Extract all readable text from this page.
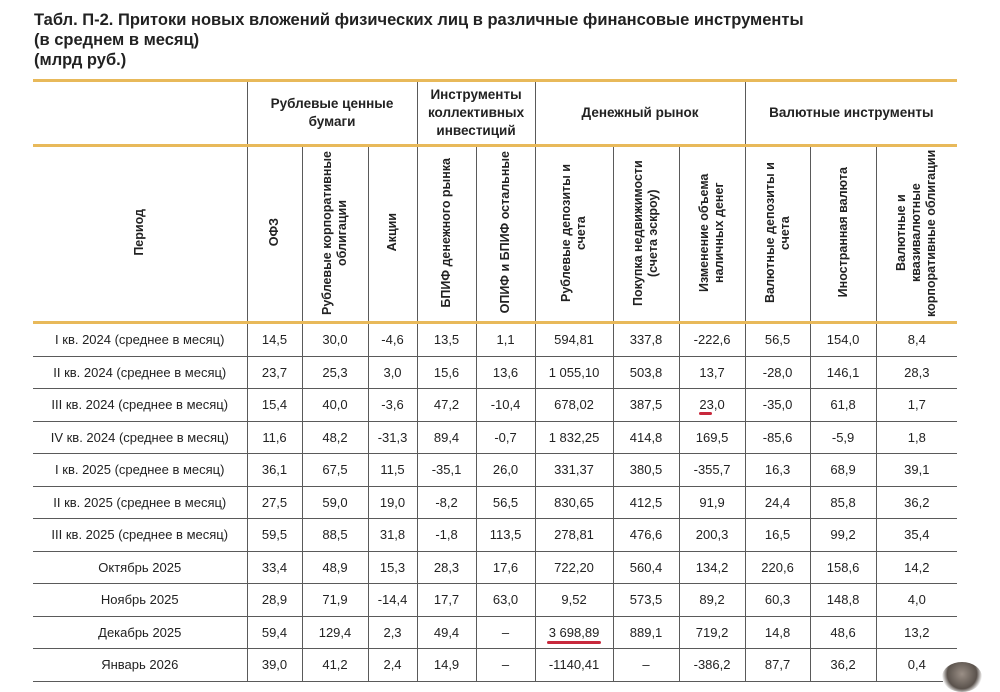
Табл. П-2. Притоки новых вложений физических лиц в различные финансовые инструменты
(в среднем в месяц)
(млрд руб.)
	Рублевые ценные бумаги			Инструменты коллективных инвестиций		Денежный рынок			Валютные инструменты		
Период	ОФЗ	Рублевые корпоративные облигации	Акции	БПИФ денежного рынка	ОПИФ и БПИФ остальные	Рублевые депозиты и счета	Покупка недвижимости (счета эскроу)	Изменение объема наличных денег	Валютные депозиты и счета	Иностранная валюта	Валютные и квазивалютные корпоративные облигации
I кв. 2024 (среднее в месяц)	14,5	30,0	-4,6	13,5	1,1	594,81	337,8	-222,6	56,5	154,0	8,4
II кв. 2024 (среднее в месяц)	23,7	25,3	3,0	15,6	13,6	1 055,10	503,8	13,7	-28,0	146,1	28,3
III кв. 2024 (среднее в месяц)	15,4	40,0	-3,6	47,2	-10,4	678,02	387,5	23,0	-35,0	61,8	1,7
IV кв. 2024 (среднее в месяц)	11,6	48,2	-31,3	89,4	-0,7	1 832,25	414,8	169,5	-85,6	-5,9	1,8
I кв. 2025 (среднее в месяц)	36,1	67,5	11,5	-35,1	26,0	331,37	380,5	-355,7	16,3	68,9	39,1
II кв. 2025 (среднее в месяц)	27,5	59,0	19,0	-8,2	56,5	830,65	412,5	91,9	24,4	85,8	36,2
III кв. 2025 (среднее в месяц)	59,5	88,5	31,8	-1,8	113,5	278,81	476,6	200,3	16,5	99,2	35,4
Октябрь 2025	33,4	48,9	15,3	28,3	17,6	722,20	560,4	134,2	220,6	158,6	14,2
Ноябрь 2025	28,9	71,9	-14,4	17,7	63,0	9,52	573,5	89,2	60,3	148,8	4,0
Декабрь 2025	59,4	129,4	2,3	49,4	–	3 698,89	889,1	719,2	14,8	48,6	13,2
Январь 2026	39,0	41,2	2,4	14,9	–	-1140,41	–	-386,2	87,7	36,2	0,4
